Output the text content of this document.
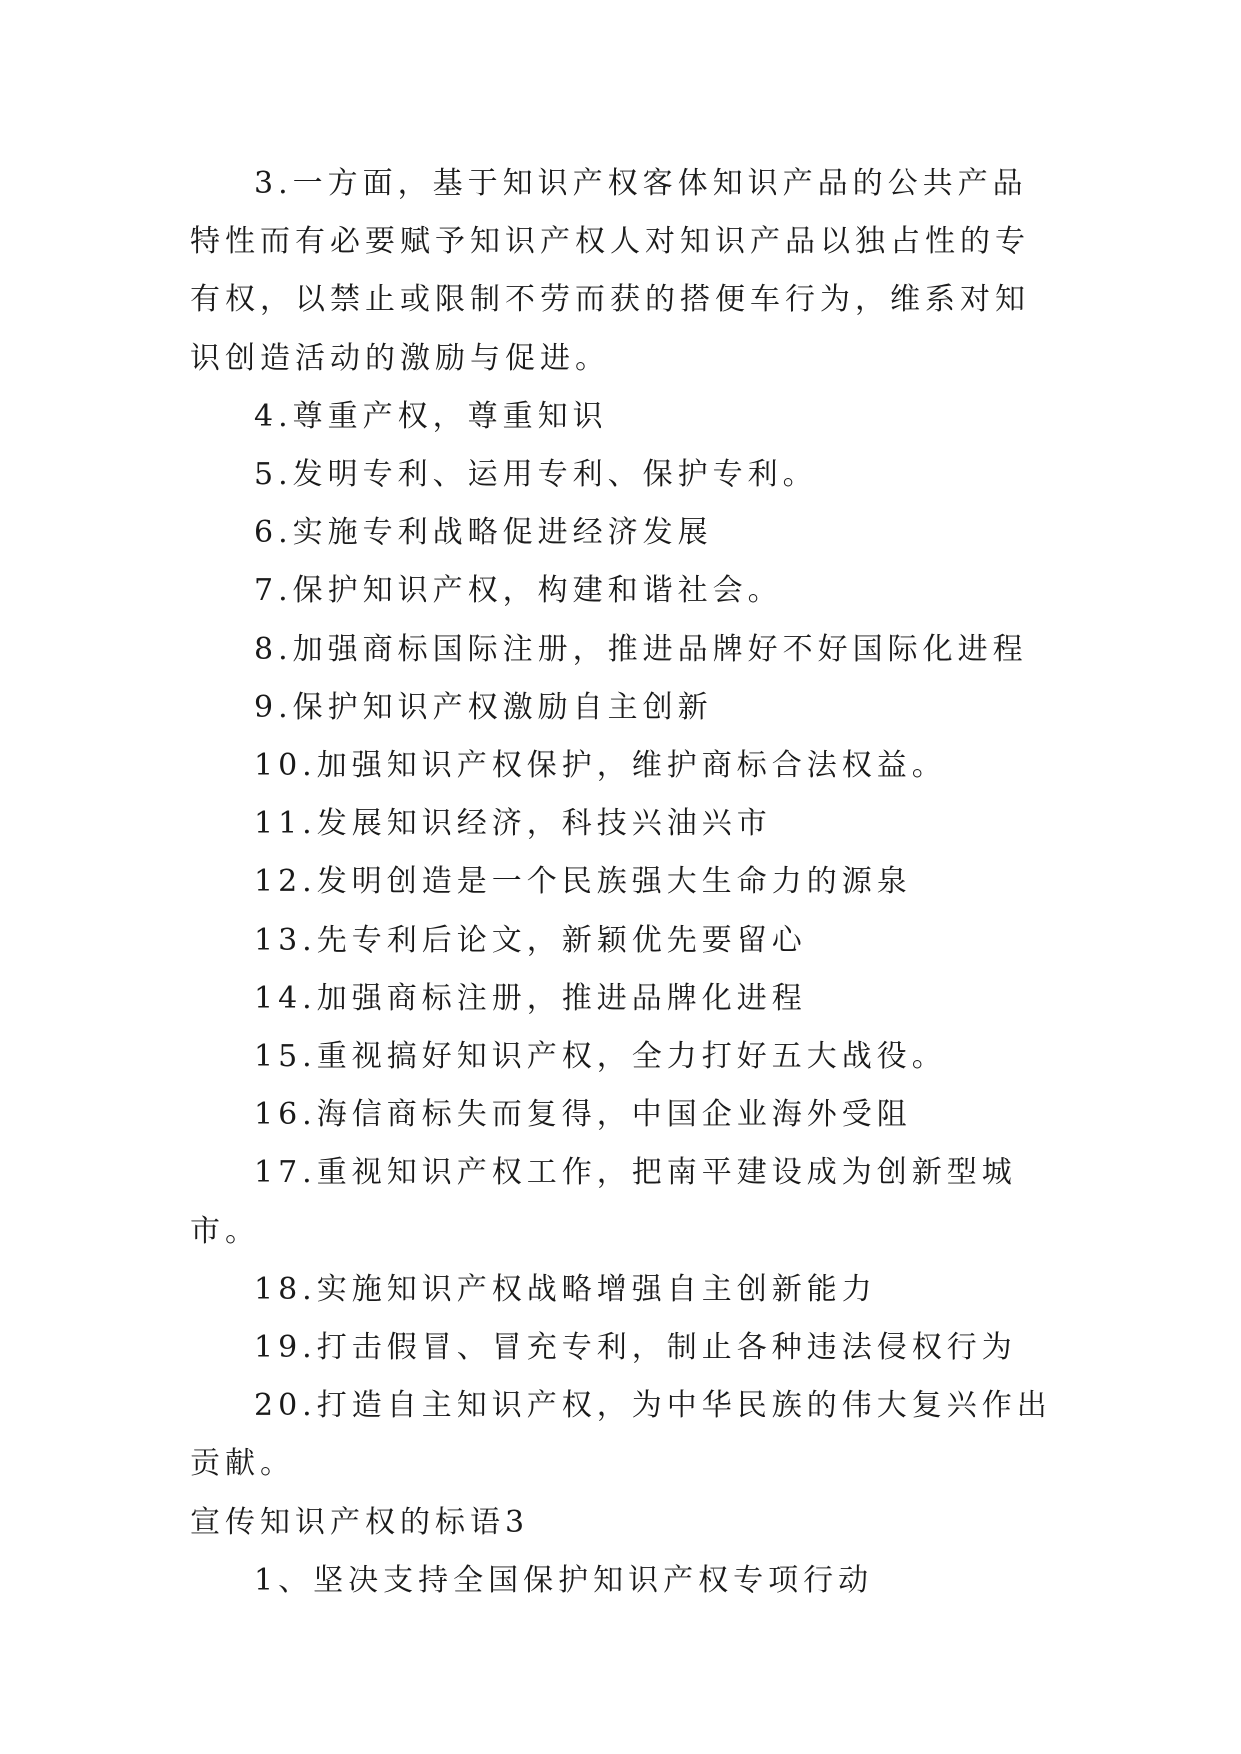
3.一方面，基于知识产权客体知识产品的公共产品特性而有必要赋予知识产权人对知识产品以独占性的专有权，以禁止或限制不劳而获的搭便车行为，维系对知识创造活动的激励与促进。

4.尊重产权，尊重知识

5.发明专利、运用专利、保护专利。

6.实施专利战略促进经济发展

7.保护知识产权，构建和谐社会。

8.加强商标国际注册，推进品牌好不好国际化进程

9.保护知识产权激励自主创新

10.加强知识产权保护，维护商标合法权益。

11.发展知识经济，科技兴油兴市

12.发明创造是一个民族强大生命力的源泉

13.先专利后论文，新颖优先要留心

14.加强商标注册，推进品牌化进程

15.重视搞好知识产权，全力打好五大战役。

16.海信商标失而复得，中国企业海外受阻

17.重视知识产权工作，把南平建设成为创新型城市。

18.实施知识产权战略增强自主创新能力

19.打击假冒、冒充专利，制止各种违法侵权行为

20.打造自主知识产权，为中华民族的伟大复兴作出贡献。

宣传知识产权的标语3

1、坚决支持全国保护知识产权专项行动
